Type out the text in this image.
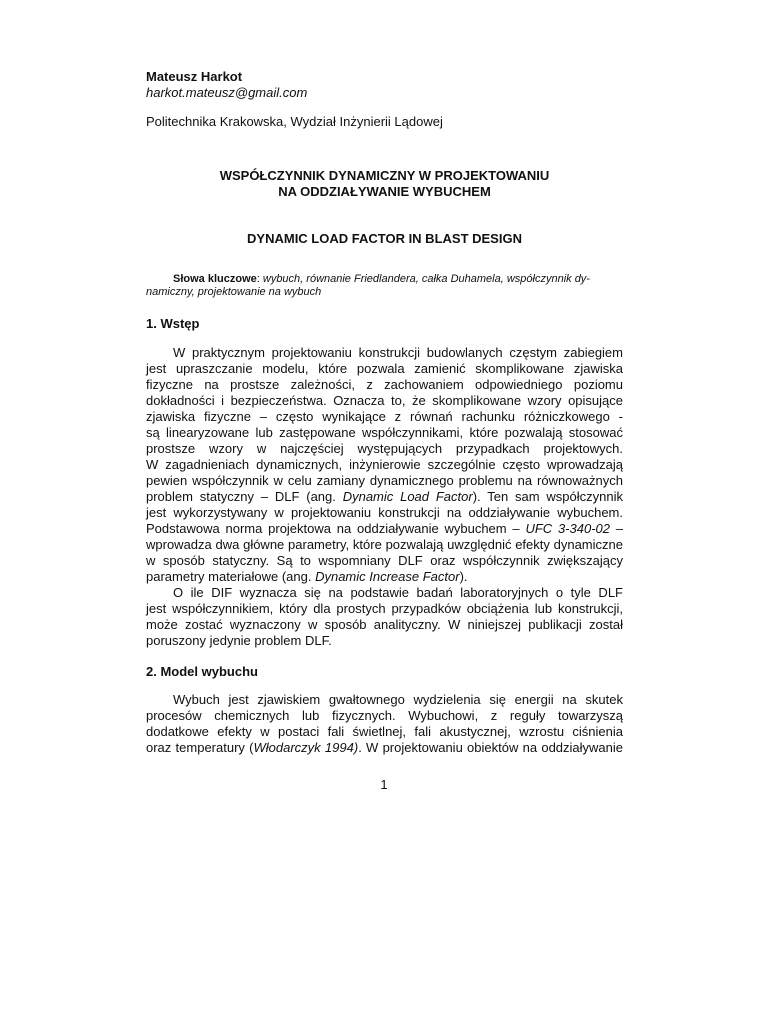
Mateusz Harkot
harkot.mateusz@gmail.com
Politechnika Krakowska, Wydział Inżynierii Lądowej
WSPÓŁCZYNNIK DYNAMICZNY W PROJEKTOWANIU
NA ODDZIAŁYWANIE WYBUCHEM
DYNAMIC LOAD FACTOR IN BLAST DESIGN
Słowa kluczowe: wybuch, równanie Friedlandera, całka Duhamela, współczynnik dy-
namiczny, projektowanie na wybuch
1. Wstęp
W praktycznym projektowaniu konstrukcji budowlanych częstym zabiegiem
jest upraszczanie modelu, które pozwala zamienić skomplikowane zjawiska
fizyczne na prostsze zależności, z zachowaniem odpowiedniego poziomu
dokładności i bezpieczeństwa. Oznacza to, że skomplikowane wzory opisujące
zjawiska fizyczne – często wynikające z równań rachunku różniczkowego -
są linearyzowane lub zastępowane współczynnikami, które pozwalają stosować
prostsze wzory w najczęściej występujących przypadkach projektowych.
W zagadnieniach dynamicznych, inżynierowie szczególnie często wprowadzają
pewien współczynnik w celu zamiany dynamicznego problemu na równoważnych
problem statyczny – DLF (ang. Dynamic Load Factor). Ten sam współczynnik
jest wykorzystywany w projektowaniu konstrukcji na oddziaływanie wybuchem.
Podstawowa norma projektowa na oddziaływanie wybuchem – UFC 3-340-02 –
wprowadza dwa główne parametry, które pozwalają uwzględnić efekty dynamiczne
w sposób statyczny. Są to wspomniany DLF oraz współczynnik zwiększający
parametry materiałowe (ang. Dynamic Increase Factor).
O ile DIF wyznacza się na podstawie badań laboratoryjnych o tyle DLF
jest współczynnikiem, który dla prostych przypadków obciążenia lub konstrukcji,
może zostać wyznaczony w sposób analityczny. W niniejszej publikacji został
poruszony jedynie problem DLF.
2. Model wybuchu
Wybuch jest zjawiskiem gwałtownego wydzielenia się energii na skutek
procesów chemicznych lub fizycznych. Wybuchowi, z reguły towarzyszą
dodatkowe efekty w postaci fali świetlnej, fali akustycznej, wzrostu ciśnienia
oraz temperatury (Włodarczyk 1994). W projektowaniu obiektów na oddziaływanie
1
